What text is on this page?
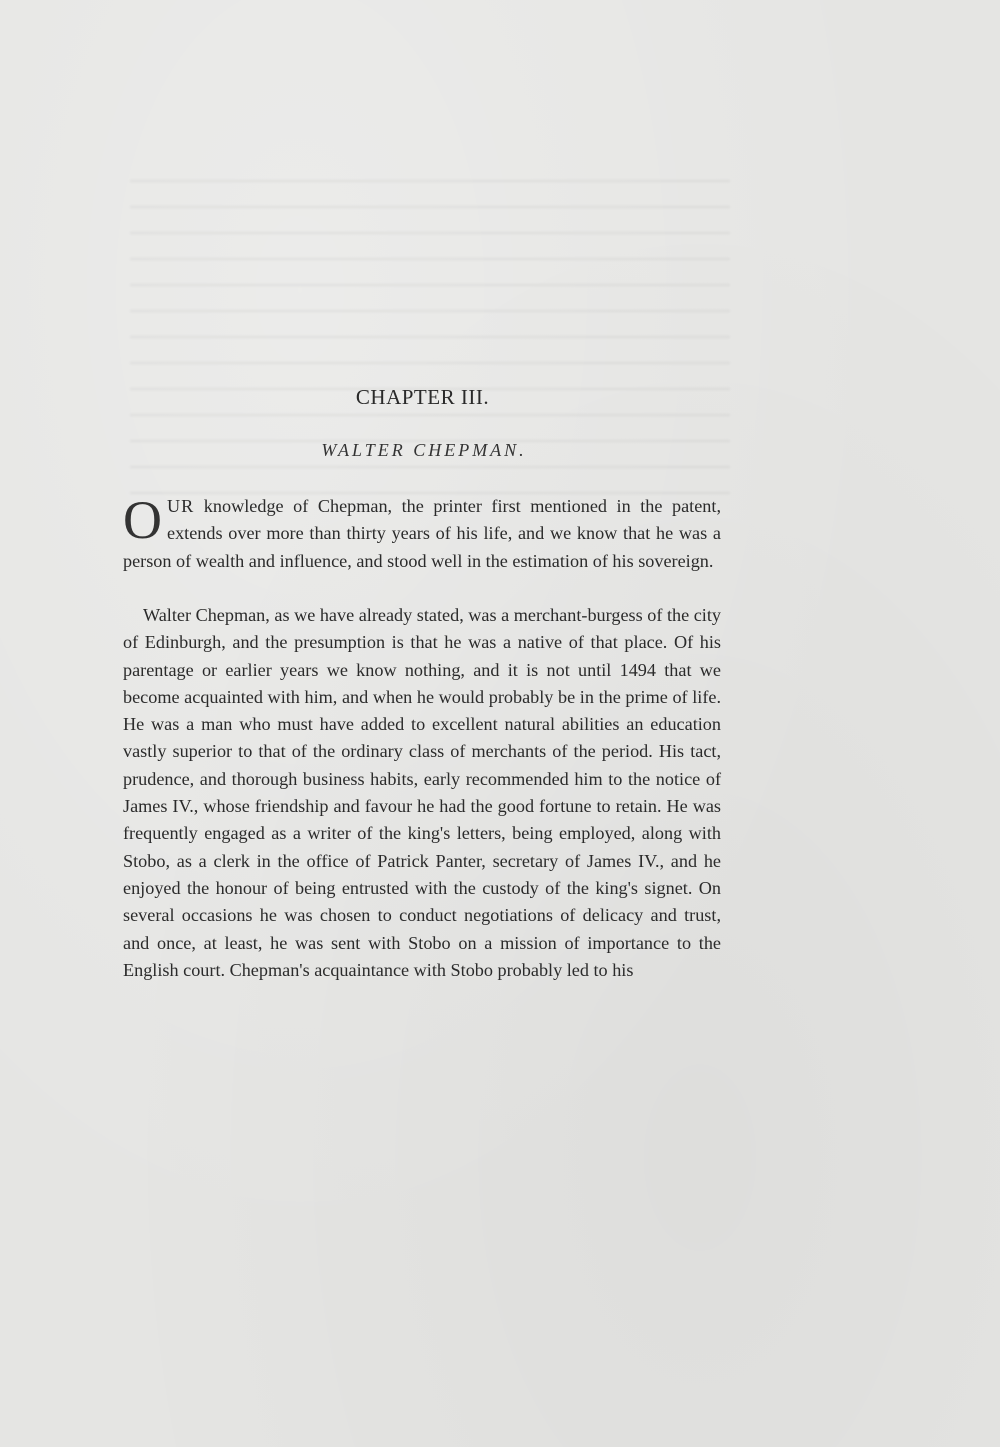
CHAPTER III.
WALTER CHEPMAN.

OUR knowledge of Chepman, the printer first mentioned in the patent, extends over more than thirty years of his life, and we know that he was a person of wealth and influence, and stood well in the estimation of his sovereign.

Walter Chepman, as we have already stated, was a merchant-burgess of the city of Edinburgh, and the presumption is that he was a native of that place. Of his parentage or earlier years we know nothing, and it is not until 1494 that we become acquainted with him, and when he would probably be in the prime of life. He was a man who must have added to excellent natural abilities an education vastly superior to that of the ordinary class of merchants of the period. His tact, prudence, and thorough business habits, early recommended him to the notice of James IV., whose friendship and favour he had the good fortune to retain. He was frequently engaged as a writer of the king's letters, being employed, along with Stobo, as a clerk in the office of Patrick Panter, secretary of James IV., and he enjoyed the honour of being entrusted with the custody of the king's signet. On several occasions he was chosen to conduct negotiations of delicacy and trust, and once, at least, he was sent with Stobo on a mission of importance to the English court. Chepman's acquaintance with Stobo probably led to his
